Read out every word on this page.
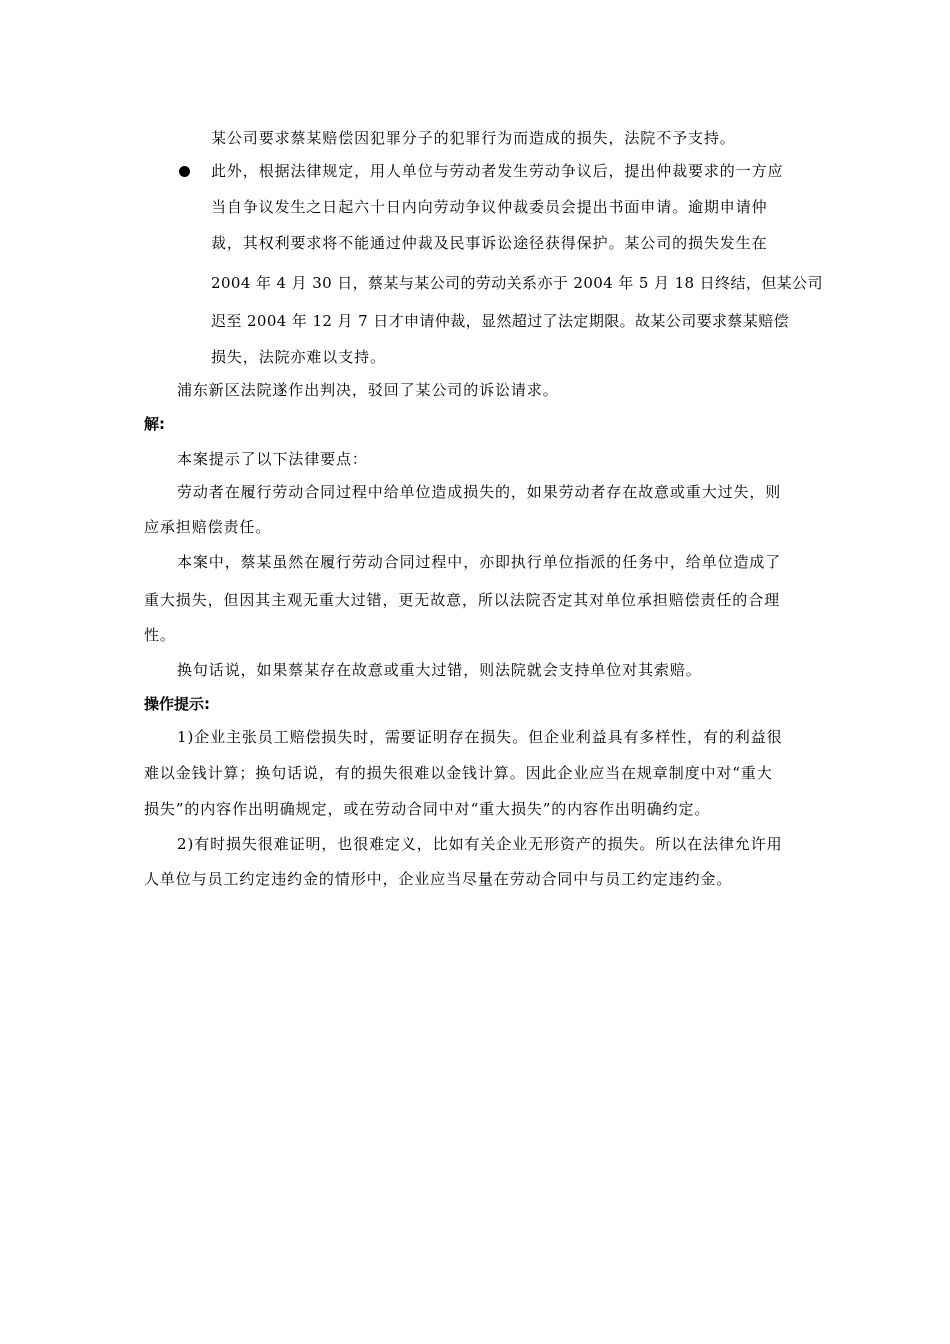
某公司要求蔡某赔偿因犯罪分子的犯罪行为而造成的损失，法院不予支持。
此外，根据法律规定，用人单位与劳动者发生劳动争议后，提出仲裁要求的一方应
当自争议发生之日起六十日内向劳动争议仲裁委员会提出书面申请。逾期申请仲
裁，其权利要求将不能通过仲裁及民事诉讼途径获得保护。某公司的损失发生在
2004 年 4 月 30 日，蔡某与某公司的劳动关系亦于 2004 年 5 月 18 日终结，但某公司
迟至 2004 年 12 月 7 日才申请仲裁，显然超过了法定期限。故某公司要求蔡某赔偿
损失，法院亦难以支持。
浦东新区法院遂作出判决，驳回了某公司的诉讼请求。
解:
本案提示了以下法律要点：
劳动者在履行劳动合同过程中给单位造成损失的，如果劳动者存在故意或重大过失，则
应承担赔偿责任。
本案中，蔡某虽然在履行劳动合同过程中，亦即执行单位指派的任务中，给单位造成了
重大损失，但因其主观无重大过错，更无故意，所以法院否定其对单位承担赔偿责任的合理
性。
换句话说，如果蔡某存在故意或重大过错，则法院就会支持单位对其索赔。
操作提示:
1)企业主张员工赔偿损失时，需要证明存在损失。但企业利益具有多样性，有的利益很
难以金钱计算；换句话说，有的损失很难以金钱计算。因此企业应当在规章制度中对“重大
损失”的内容作出明确规定，或在劳动合同中对“重大损失”的内容作出明确约定。
2)有时损失很难证明，也很难定义，比如有关企业无形资产的损失。所以在法律允许用
人单位与员工约定违约金的情形中，企业应当尽量在劳动合同中与员工约定违约金。
